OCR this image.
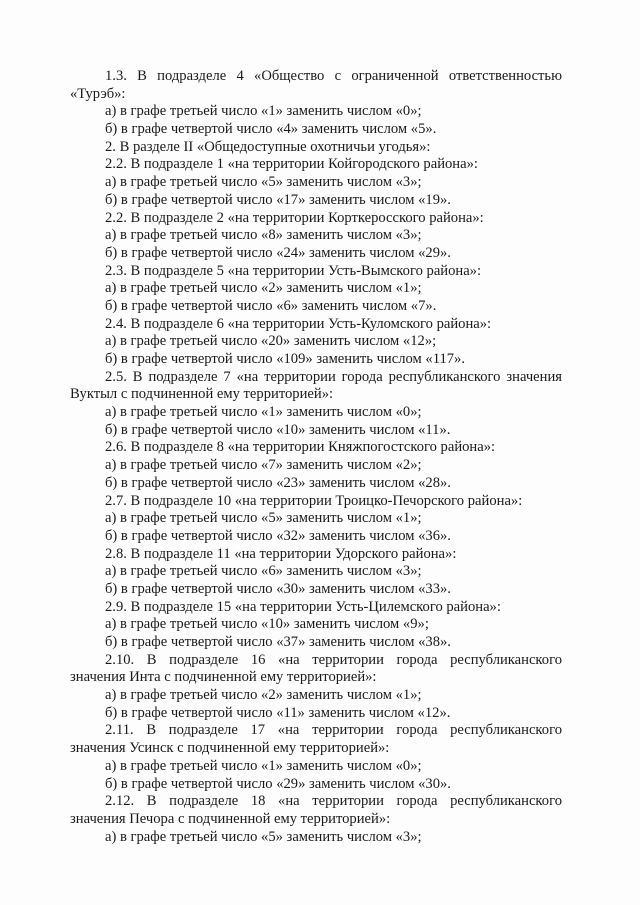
1.3. В подразделе 4 «Общество с ограниченной ответственностью
«Турэб»:
а) в графе третьей число «1» заменить числом «0»;
б) в графе четвертой число «4» заменить числом «5».
2. В разделе II «Общедоступные охотничьи угодья»:
2.2. В подразделе 1 «на территории Койгородского района»:
а) в графе третьей число «5» заменить числом «3»;
б) в графе четвертой число «17» заменить числом «19».
2.2. В подразделе 2 «на территории Корткеросского района»:
а) в графе третьей число «8» заменить числом «3»;
б) в графе четвертой число «24» заменить числом «29».
2.3. В подразделе 5 «на территории Усть-Вымского района»:
а) в графе третьей число «2» заменить числом «1»;
б) в графе четвертой число «6» заменить числом «7».
2.4. В подразделе 6 «на территории Усть-Куломского района»:
а) в графе третьей число «20» заменить числом «12»;
б) в графе четвертой число «109» заменить числом «117».
2.5. В подразделе 7 «на территории города республиканского значения
Вуктыл с подчиненной ему территорией»:
а) в графе третьей число «1» заменить числом «0»;
б) в графе четвертой число «10» заменить числом «11».
2.6. В подразделе 8 «на территории Княжпогостского района»:
а) в графе третьей число «7» заменить числом «2»;
б) в графе четвертой число «23» заменить числом «28».
2.7. В подразделе 10 «на территории Троицко-Печорского района»:
а) в графе третьей число «5» заменить числом «1»;
б) в графе четвертой число «32» заменить числом «36».
2.8. В подразделе 11 «на территории Удорского района»:
а) в графе третьей число «6» заменить числом «3»;
б) в графе четвертой число «30» заменить числом «33».
2.9. В подразделе 15 «на территории Усть-Цилемского района»:
а) в графе третьей число «10» заменить числом «9»;
б) в графе четвертой число «37» заменить числом «38».
2.10. В подразделе 16 «на территории города республиканского
значения Инта с подчиненной ему территорией»:
а) в графе третьей число «2» заменить числом «1»;
б) в графе четвертой число «11» заменить числом «12».
2.11. В подразделе 17 «на территории города республиканского
значения Усинск с подчиненной ему территорией»:
а) в графе третьей число «1» заменить числом «0»;
б) в графе четвертой число «29» заменить числом «30».
2.12. В подразделе 18 «на территории города республиканского
значения Печора с подчиненной ему территорией»:
а) в графе третьей число «5» заменить числом «3»;
